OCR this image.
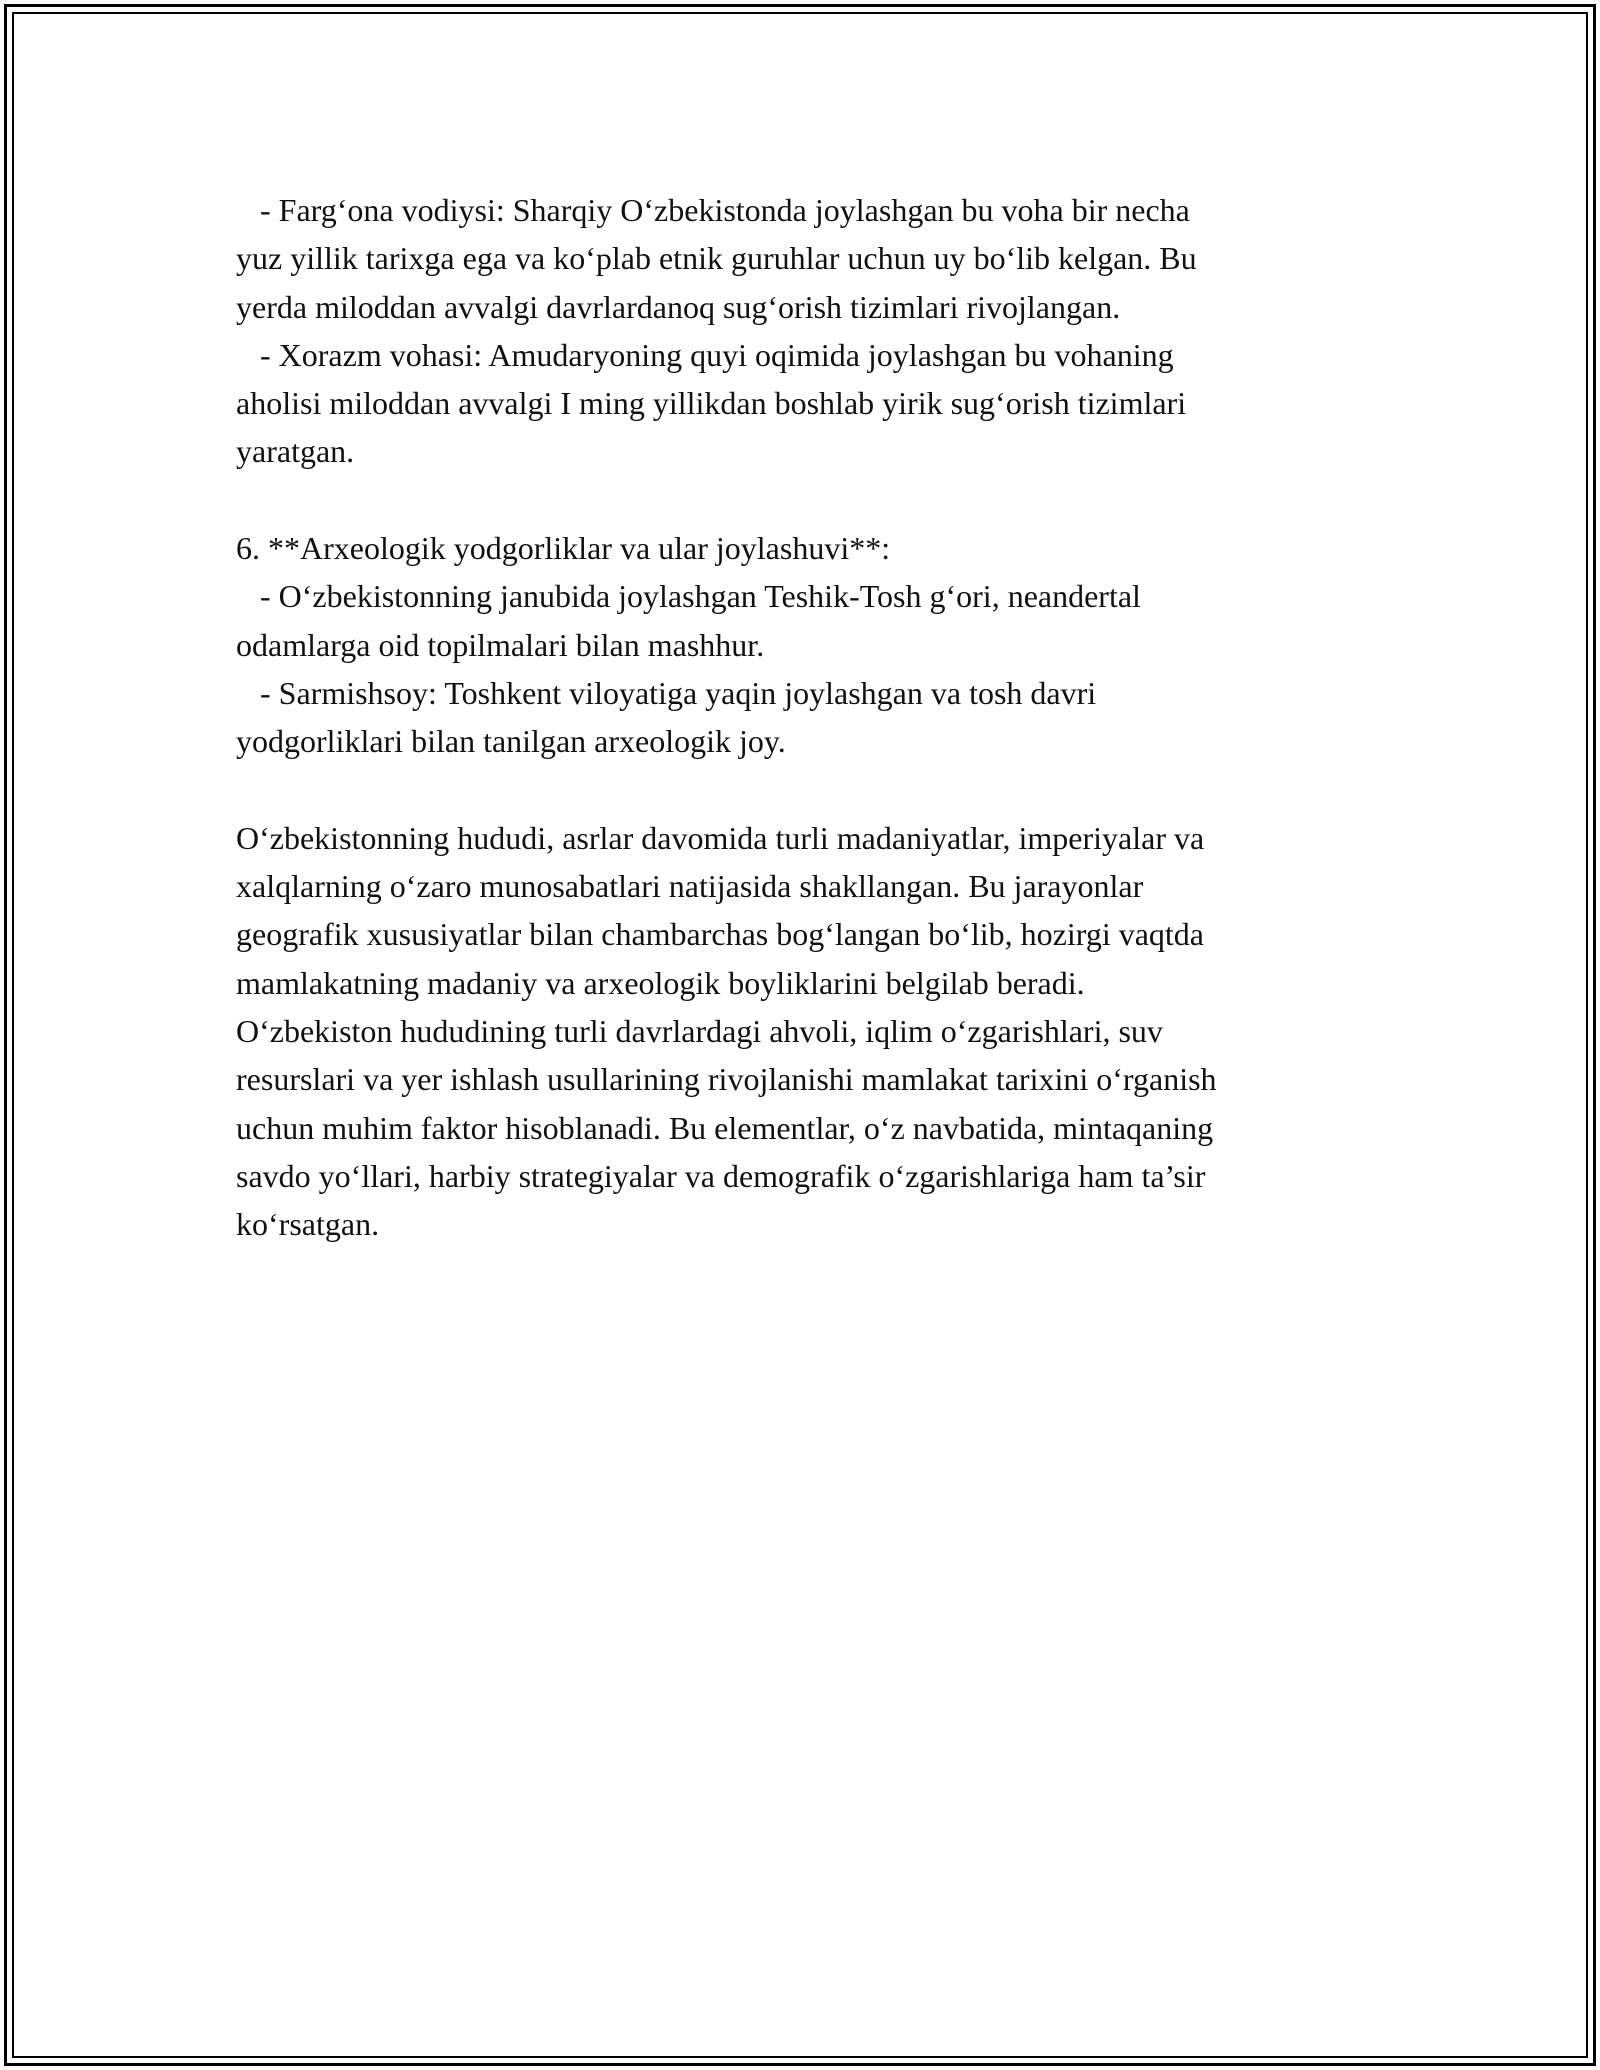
- Farg‘ona vodiysi: Sharqiy O‘zbekistonda joylashgan bu voha bir necha
yuz yillik tarixga ega va ko‘plab etnik guruhlar uchun uy bo‘lib kelgan. Bu
yerda miloddan avvalgi davrlardanoq sug‘orish tizimlari rivojlangan.
- Xorazm vohasi: Amudaryoning quyi oqimida joylashgan bu vohaning
aholisi miloddan avvalgi I ming yillikdan boshlab yirik sug‘orish tizimlari
yaratgan.
6. **Arxeologik yodgorliklar va ular joylashuvi**:
- O‘zbekistonning janubida joylashgan Teshik-Tosh g‘ori, neandertal
odamlarga oid topilmalari bilan mashhur.
- Sarmishsoy: Toshkent viloyatiga yaqin joylashgan va tosh davri
yodgorliklari bilan tanilgan arxeologik joy.
O‘zbekistonning hududi, asrlar davomida turli madaniyatlar, imperiyalar va
xalqlarning o‘zaro munosabatlari natijasida shakllangan. Bu jarayonlar
geografik xususiyatlar bilan chambarchas bog‘langan bo‘lib, hozirgi vaqtda
mamlakatning madaniy va arxeologik boyliklarini belgilab beradi.
O‘zbekiston hududining turli davrlardagi ahvoli, iqlim o‘zgarishlari, suv
resurslari va yer ishlash usullarining rivojlanishi mamlakat tarixini o‘rganish
uchun muhim faktor hisoblanadi. Bu elementlar, o‘z navbatida, mintaqaning
savdo yo‘llari, harbiy strategiyalar va demografik o‘zgarishlariga ham ta’sir
ko‘rsatgan.
